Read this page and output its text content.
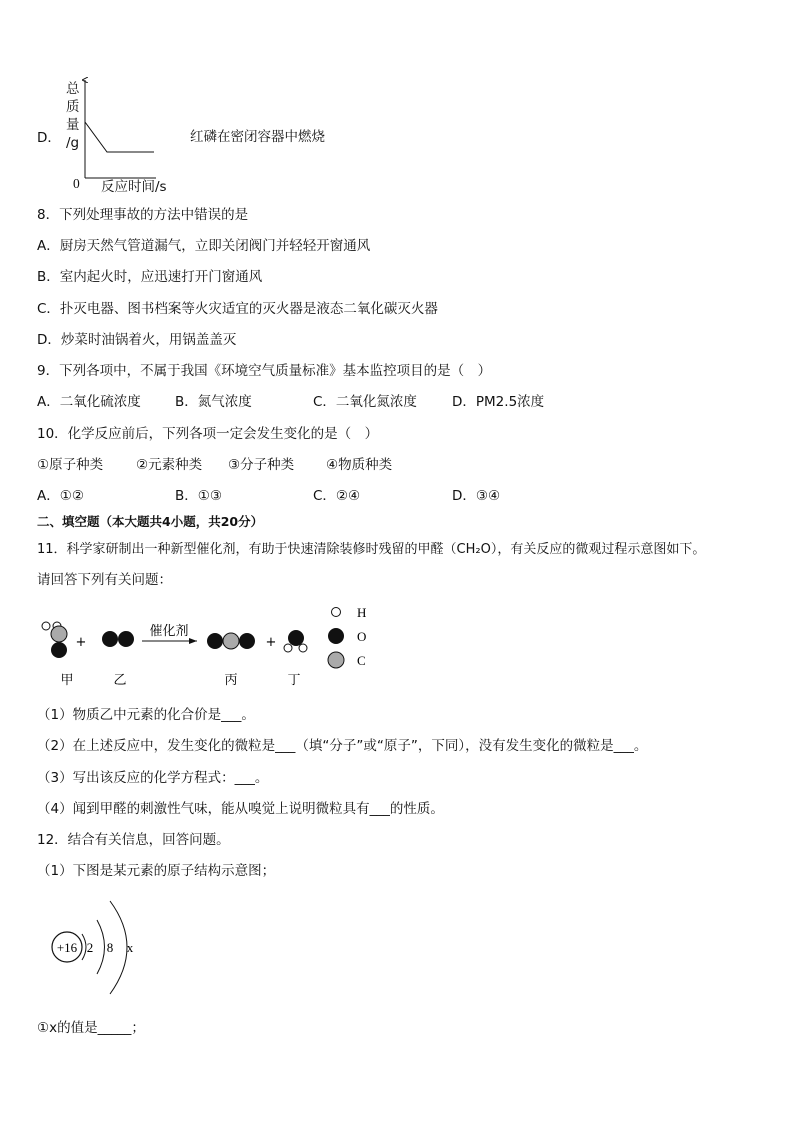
D．
总
质
量
/g
0 反应时间/s
红磷在密闭容器中燃烧
8．下列处理事故的方法中错误的是
A．厨房天然气管道漏气，立即关闭阀门并轻轻开窗通风
B．室内起火时，应迅速打开门窗通风
C．扑灭电器、图书档案等火灾适宜的灭火器是液态二氧化碳灭火器
D．炒菜时油锅着火，用锅盖盖灭
9．下列各项中，不属于我国《环境空气质量标准》基本监控项目的是（　）
A．二氧化硫浓度	B．氮气浓度	C．二氧化氮浓度	D．PM2.5浓度
10．化学反应前后，下列各项一定会发生变化的是（　）
①原子种类 ②元素种类 ③分子种类 ④物质种类
A．①②	B．①③	C．②④	D．③④
二、填空题（本大题共4小题，共20分）
11．科学家研制出一种新型催化剂，有助于快速清除装修时残留的甲醛（CH₂O），有关反应的微观过程示意图如下。
请回答下列有关问题：
+
催化剂
+
H
O
C
甲	乙	丙	丁
（1）物质乙中元素的化合价是___。
（2）在上述反应中，发生变化的微粒是___（填“分子”或“原子”，下同），没有发生变化的微粒是___。
（3）写出该反应的化学方程式：___。
（4）闻到甲醛的刺激性气味，能从嗅觉上说明微粒具有___的性质。
12．结合有关信息，回答问题。
（1）下图是某元素的原子结构示意图；
+16 2 8 x
①x的值是_____；
